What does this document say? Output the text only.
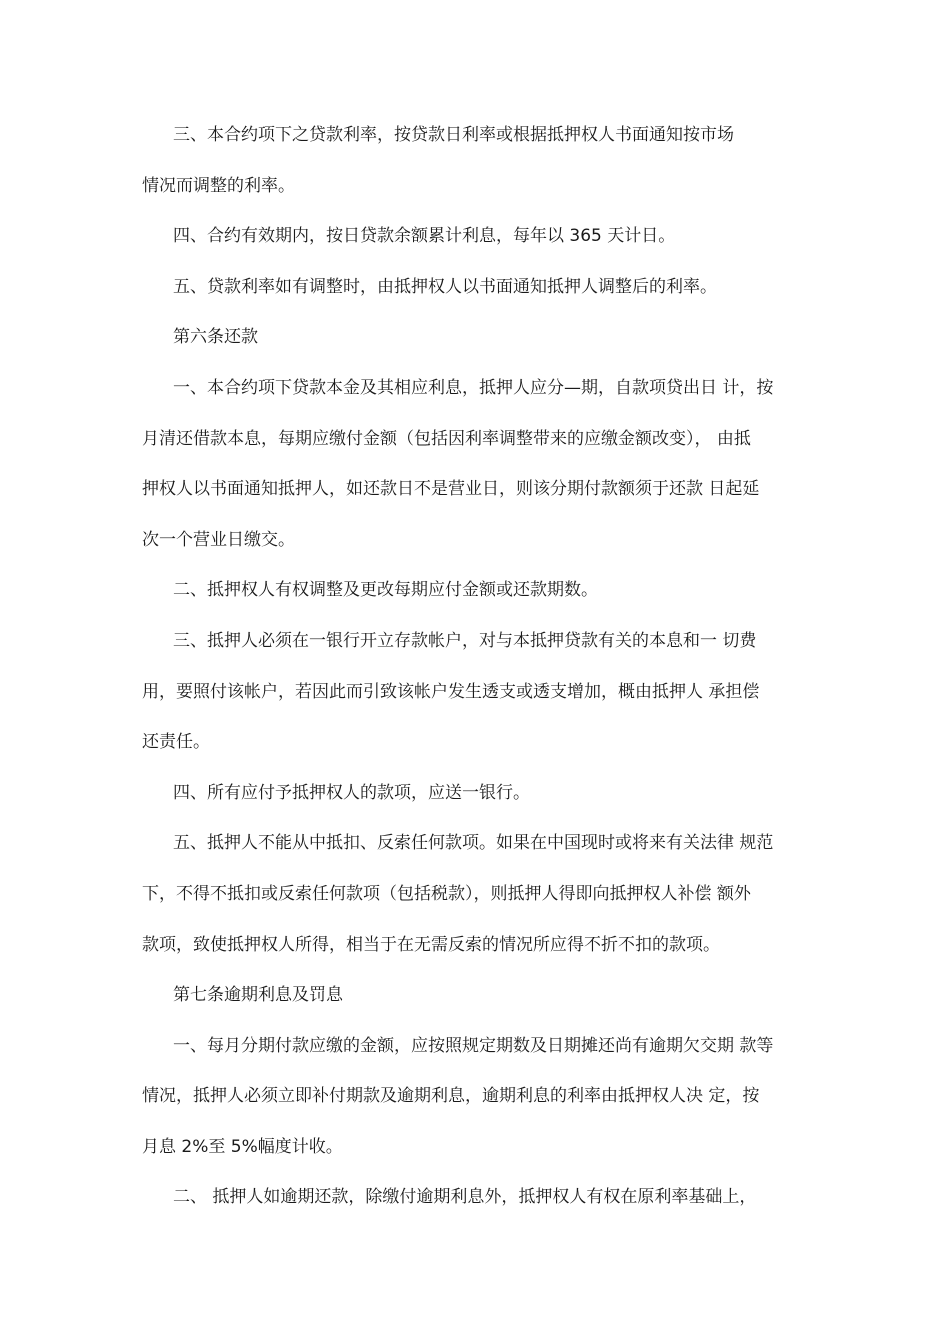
三、本合约项下之贷款利率，按贷款日利率或根据抵押权人书面通知按市场
情况而调整的利率。

四、合约有效期内，按日贷款余额累计利息，每年以 365 天计日。

五、贷款利率如有调整时，由抵押权人以书面通知抵押人调整后的利率。

第六条还款

一、本合约项下贷款本金及其相应利息，抵押人应分—期，自款项贷出日 计，按
月清还借款本息，每期应缴付金额（包括因利率调整带来的应缴金额改变）， 由抵
押权人以书面通知抵押人，如还款日不是营业日，则该分期付款额须于还款 日起延
次一个营业日缴交。

二、抵押权人有权调整及更改每期应付金额或还款期数。

三、抵押人必须在一银行开立存款帐户，对与本抵押贷款有关的本息和一 切费
用，要照付该帐户，若因此而引致该帐户发生透支或透支增加，概由抵押人 承担偿
还责任。

四、所有应付予抵押权人的款项，应送一银行。

五、抵押人不能从中抵扣、反索任何款项。如果在中国现时或将来有关法律 规范
下，不得不抵扣或反索任何款项（包括税款），则抵押人得即向抵押权人补偿 额外
款项，致使抵押权人所得，相当于在无需反索的情况所应得不折不扣的款项。

第七条逾期利息及罚息

一、每月分期付款应缴的金额，应按照规定期数及日期摊还尚有逾期欠交期 款等
情况，抵押人必须立即补付期款及逾期利息，逾期利息的利率由抵押权人决 定，按
月息 2%至 5%幅度计收。

二、 抵押人如逾期还款，除缴付逾期利息外，抵押权人有权在原利率基础上，
